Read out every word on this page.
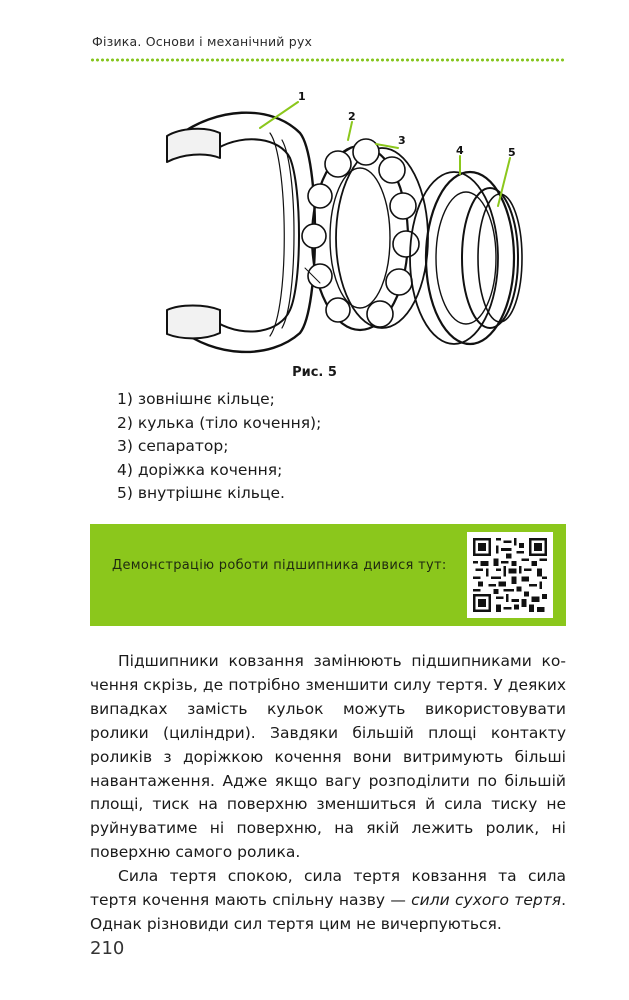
Фізика. Основи і механічний рух
1
2
3
4	5
Рис. 5
1) зовнішнє кільце;
2) кулька (тіло кочення);
3) сепаратор;
4) доріжка кочення;
5) внутрішнє кільце.
Демонстрацію роботи підшипника дивися тут:

Підшипники ковзання замінюють підшипниками кочення скрізь, де потрібно зменшити силу тертя. У деяких випадках замість кульок можуть використовувати ролики (циліндри). Завдяки більшій площі контакту роликів з доріжкою кочення вони витримують більші навантаження. Адже якщо вагу розподілити по більшій площі, тиск на поверхню зменшиться й сила тиску не руйнуватиме ні поверхню, на якій лежить ролик, ні поверхню самого ролика.

Сила тертя спокою, сила тертя ковзання та сила тертя кочення мають спільну назву — сили сухого тертя. Однак різновиди сил тертя цим не вичерпуються.

210
